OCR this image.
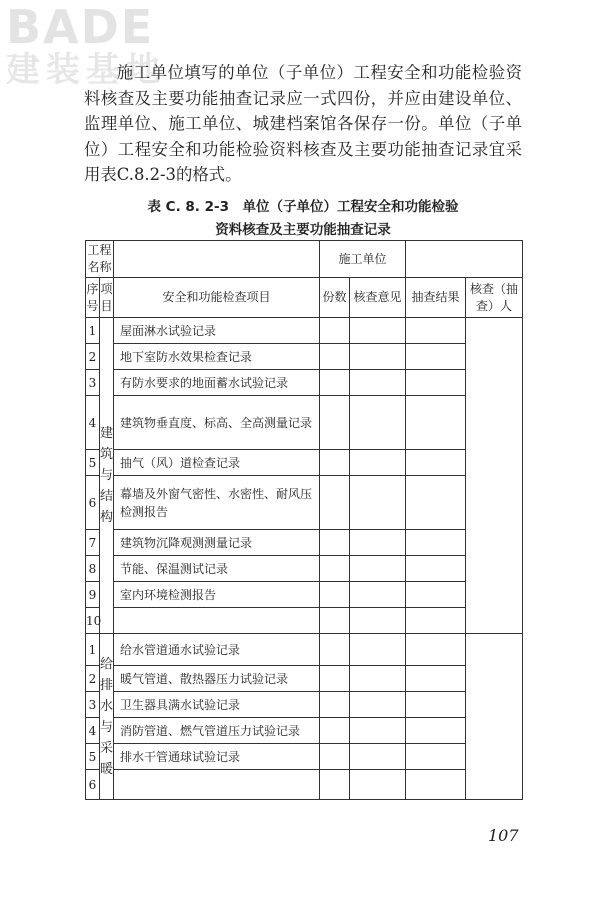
BADE
建装基地
施工单位填写的单位（子单位）工程安全和功能检验资料核查及主要功能抽查记录应一式四份，并应由建设单位、监理单位、施工单位、城建档案馆各保存一份。单位（子单位）工程安全和功能检验资料核查及主要功能抽查记录宜采用表C.8.2-3的格式。
表 C. 8. 2-3　单位（子单位）工程安全和功能检验
资料核查及主要功能抽查记录
工程名称			施工单位			
序号	项目	安全和功能检查项目	份数	核查意见	抽查结果	核查（抽查）人
1	建筑与结构	屋面淋水试验记录				
2		地下室防水效果检查记录				
3		有防水要求的地面蓄水试验记录				
4		建筑物垂直度、标高、全高测量记录				
5		抽气（风）道检查记录				
6		幕墙及外窗气密性、水密性、耐风压检测报告				
7		建筑物沉降观测测量记录				
8		节能、保温测试记录				
9		室内环境检测报告				
10						
1	给排水与采暖	给水管道通水试验记录				
2		暖气管道、散热器压力试验记录				
3		卫生器具满水试验记录				
4		消防管道、燃气管道压力试验记录				
5		排水干管通球试验记录				
6						
107
